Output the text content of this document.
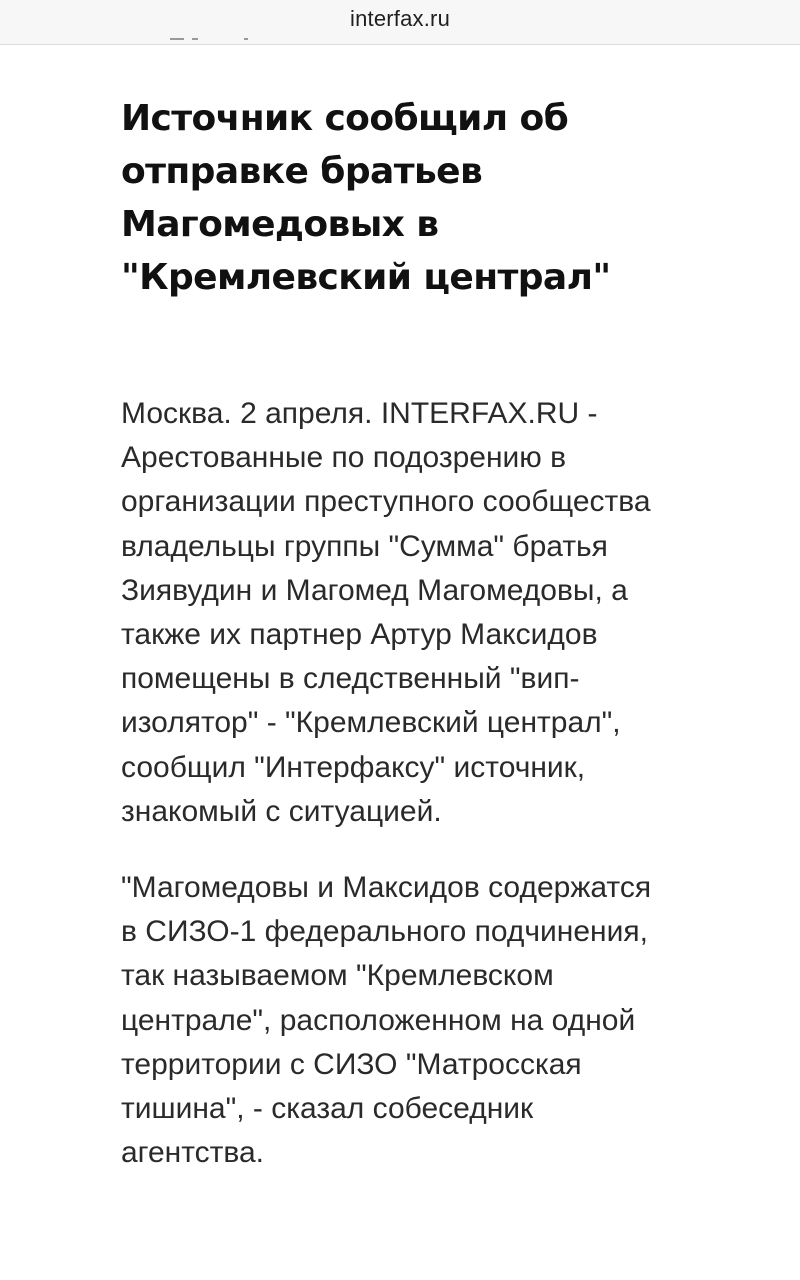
interfax.ru
Источник сообщил об отправке братьев Магомедовых в "Кремлевский централ"

Москва. 2 апреля. INTERFAX.RU - Арестованные по подозрению в организации преступного сообщества владельцы группы "Сумма" братья Зиявудин и Магомед Магомедовы, а также их партнер Артур Максидов помещены в следственный "вип-изолятор" - "Кремлевский централ", сообщил "Интерфаксу" источник, знакомый с ситуацией.

"Магомедовы и Максидов содержатся в СИЗО-1 федерального подчинения, так называемом "Кремлевском централе", расположенном на одной территории с СИЗО "Матросская тишина", - сказал собеседник агентства.
